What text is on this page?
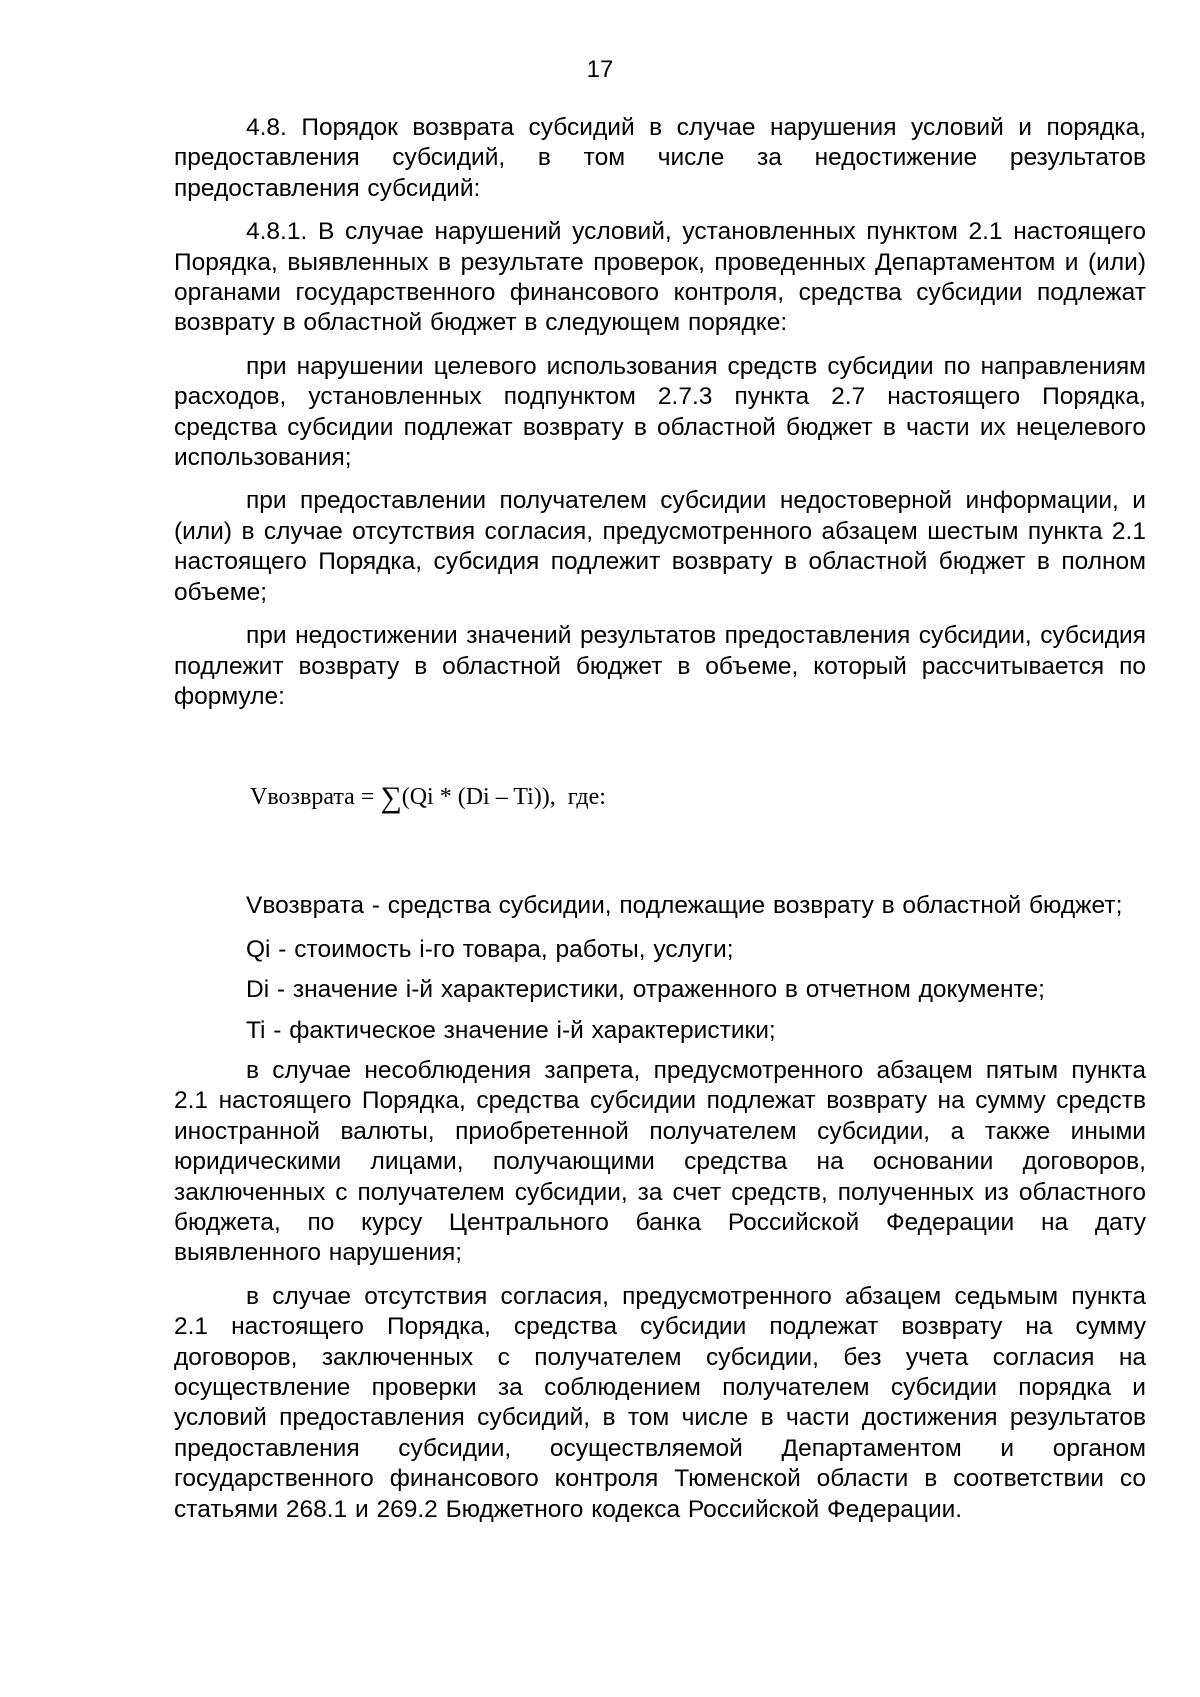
17

4.8. Порядок возврата субсидий в случае нарушения условий и порядка, предоставления субсидий, в том числе за недостижение результатов предоставления субсидий:

4.8.1. В случае нарушений условий, установленных пунктом 2.1 настоящего Порядка, выявленных в результате проверок, проведенных Департаментом и (или) органами государственного финансового контроля, средства субсидии подлежат возврату в областной бюджет в следующем порядке:

при нарушении целевого использования средств субсидии по направлениям расходов, установленных подпунктом 2.7.3 пункта 2.7 настоящего Порядка, средства субсидии подлежат возврату в областной бюджет в части их нецелевого использования;

при предоставлении получателем субсидии недостоверной информации, и (или) в случае отсутствия согласия, предусмотренного абзацем шестым пункта 2.1 настоящего Порядка, субсидия подлежит возврату в областной бюджет в полном объеме;

при недостижении значений результатов предоставления субсидии, субсидия подлежит возврату в областной бюджет в объеме, который рассчитывается по формуле:

Vвозврата = ∑(Qi * (Di – Ti)), где:

Vвозврата - средства субсидии, подлежащие возврату в областной бюджет;

Qi - стоимость i-го товара, работы, услуги;

Di - значение i-й характеристики, отраженного в отчетном документе;

Ti - фактическое значение i-й характеристики;

в случае несоблюдения запрета, предусмотренного абзацем пятым пункта 2.1 настоящего Порядка, средства субсидии подлежат возврату на сумму средств иностранной валюты, приобретенной получателем субсидии, а также иными юридическими лицами, получающими средства на основании договоров, заключенных с получателем субсидии, за счет средств, полученных из областного бюджета, по курсу Центрального банка Российской Федерации на дату выявленного нарушения;

в случае отсутствия согласия, предусмотренного абзацем седьмым пункта 2.1 настоящего Порядка, средства субсидии подлежат возврату на сумму договоров, заключенных с получателем субсидии, без учета согласия на осуществление проверки за соблюдением получателем субсидии порядка и условий предоставления субсидий, в том числе в части достижения результатов предоставления субсидии, осуществляемой Департаментом и органом государственного финансового контроля Тюменской области в соответствии со статьями 268.1 и 269.2 Бюджетного кодекса Российской Федерации.
